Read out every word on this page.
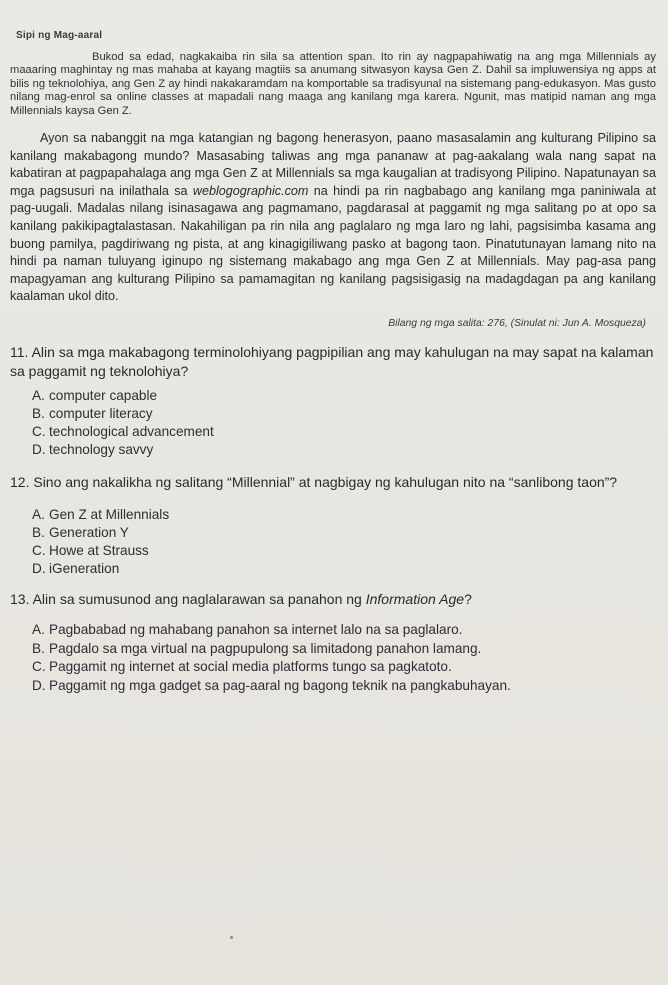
Sipi ng Mag-aaral

Bukod sa edad, nagkakaiba rin sila sa attention span. Ito rin ay nagpapahiwatig na ang mga Millennials ay maaaring maghintay ng mas mahaba at kayang magtiis sa anumang sitwasyon kaysa Gen Z. Dahil sa impluwensiya ng apps at bilis ng teknolohiya, ang Gen Z ay hindi nakakaramdam na komportable sa tradisyunal na sistemang pang-edukasyon. Mas gusto nilang mag-enrol sa online classes at mapadali nang maaga ang kanilang mga karera. Ngunit, mas matipid naman ang mga Millennials kaysa Gen Z.

Ayon sa nabanggit na mga katangian ng bagong henerasyon, paano masasalamin ang kulturang Pilipino sa kanilang makabagong mundo? Masasabing taliwas ang mga pananaw at pag-aakalang wala nang sapat na kabatiran at pagpapahalaga ang mga Gen Z at Millennials sa mga kaugalian at tradisyong Pilipino. Napatunayan sa mga pagsusuri na inilathala sa weblogographic.com na hindi pa rin nagbabago ang kanilang mga paniniwala at pag-uugali. Madalas nilang isinasagawa ang pagmamano, pagdarasal at paggamit ng mga salitang po at opo sa kanilang pakikipagtalastasan. Nakahiligan pa rin nila ang paglalaro ng mga laro ng lahi, pagsisimba kasama ang buong pamilya, pagdiriwang ng pista, at ang kinagigiliwang pasko at bagong taon. Pinatutunayan lamang nito na hindi pa naman tuluyang iginupo ng sistemang makabago ang mga Gen Z at Millennials. May pag-asa pang mapagyaman ang kulturang Pilipino sa pamamagitan ng kanilang pagsisigasig na madagdagan pa ang kanilang kaalaman ukol dito.

Bilang ng mga salita: 276, (Sinulat ni: Jun A. Mosqueza)

11. Alin sa mga makabagong terminolohiyang pagpipilian ang may kahulugan na may sapat na kalaman sa paggamit ng teknolohiya?

A. computer capable
B. computer literacy
C. technological advancement
D. technology savvy

12. Sino ang nakalikha ng salitang “Millennial” at nagbigay ng kahulugan nito na “sanlibong taon”?

A. Gen Z at Millennials
B. Generation Y
C. Howe at Strauss
D. iGeneration

13. Alin sa sumusunod ang naglalarawan sa panahon ng Information Age?

A. Pagbababad ng mahabang panahon sa internet lalo na sa paglalaro.
B. Pagdalo sa mga virtual na pagpupulong sa limitadong panahon lamang.
C. Paggamit ng internet at social media platforms tungo sa pagkatoto.
D. Paggamit ng mga gadget sa pag-aaral ng bagong teknik na pangkabuhayan.
